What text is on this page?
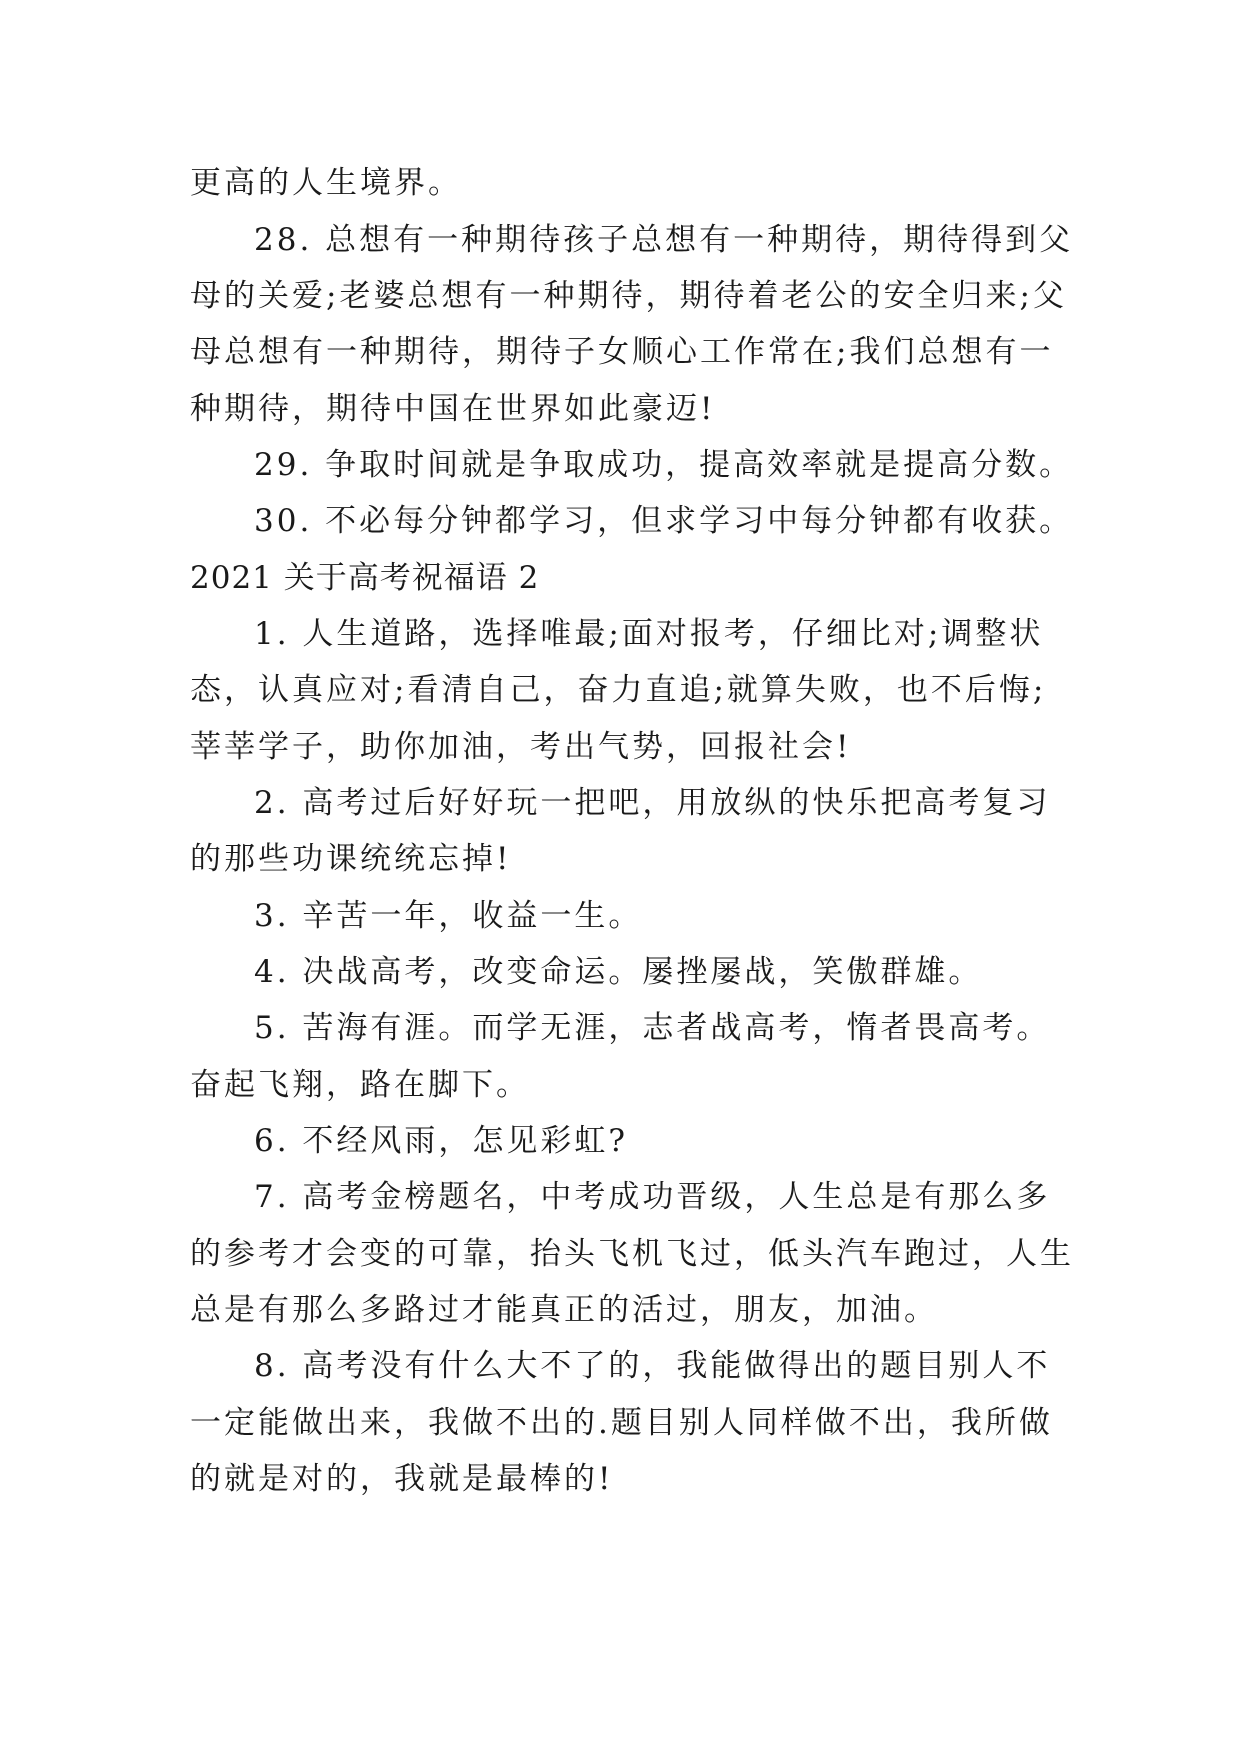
更高的人生境界。
28. 总想有一种期待孩子总想有一种期待，期待得到父
母的关爱;老婆总想有一种期待，期待着老公的安全归来;父
母总想有一种期待，期待子女顺心工作常在;我们总想有一
种期待，期待中国在世界如此豪迈!
29. 争取时间就是争取成功，提高效率就是提高分数。
30. 不必每分钟都学习，但求学习中每分钟都有收获。
2021 关于高考祝福语 2
1. 人生道路，选择唯最;面对报考，仔细比对;调整状
态，认真应对;看清自己，奋力直追;就算失败，也不后悔;
莘莘学子，助你加油，考出气势，回报社会!
2. 高考过后好好玩一把吧，用放纵的快乐把高考复习
的那些功课统统忘掉!
3. 辛苦一年，收益一生。
4. 决战高考，改变命运。屡挫屡战，笑傲群雄。
5. 苦海有涯。而学无涯，志者战高考，惰者畏高考。
奋起飞翔，路在脚下。
6. 不经风雨，怎见彩虹?
7. 高考金榜题名，中考成功晋级，人生总是有那么多
的参考才会变的可靠，抬头飞机飞过，低头汽车跑过，人生
总是有那么多路过才能真正的活过，朋友，加油。
8. 高考没有什么大不了的，我能做得出的题目别人不
一定能做出来，我做不出的.题目别人同样做不出，我所做
的就是对的，我就是最棒的!
